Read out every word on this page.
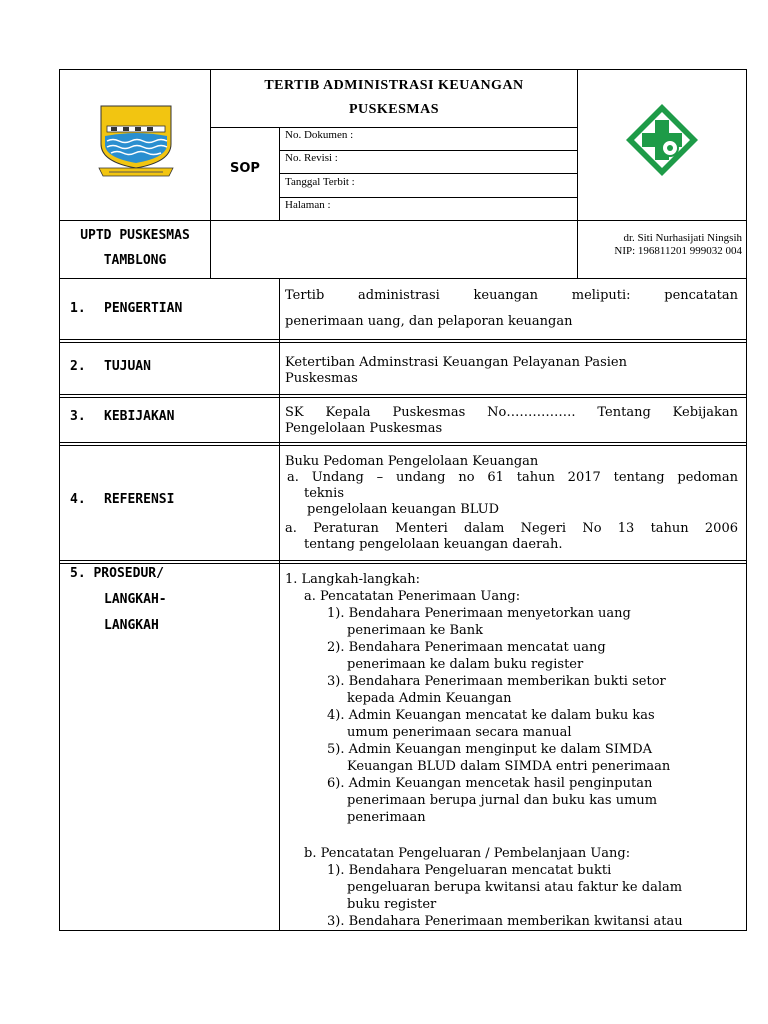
TERTIB ADMINISTRASI KEUANGAN
PUSKESMAS
SOP
No. Dokumen :
No. Revisi :
Tanggal Terbit :
Halaman :
UPTD PUSKESMAS
TAMBLONG
dr. Siti Nurhasijati Ningsih
NIP: 196811201 999032 004
1. PENGERTIAN
Tertib administrasi keuangan meliputi: pencatatan
penerimaan uang, dan pelaporan keuangan
2. TUJUAN	Ketertiban Adminstrasi Keuangan Pelayanan Pasien
Puskesmas
3. KEBIJAKAN	SK Kepala Puskesmas No……………. Tentang Kebijakan
Pengelolaan Puskesmas
4. REFERENSI
Buku Pedoman Pengelolaan Keuangan
a. Undang – undang no 61 tahun 2017 tentang pedoman
teknis
pengelolaan keuangan BLUD
a. Peraturan Menteri dalam Negeri No 13 tahun 2006
tentang pengelolaan keuangan daerah.
5. PROSEDUR/
LANGKAH-
LANGKAH
1. Langkah-langkah:
a. Pencatatan Penerimaan Uang:
1). Bendahara Penerimaan menyetorkan uang
penerimaan ke Bank
2). Bendahara Penerimaan mencatat uang
penerimaan ke dalam buku register
3). Bendahara Penerimaan memberikan bukti setor
kepada Admin Keuangan
4). Admin Keuangan mencatat ke dalam buku kas
umum penerimaan secara manual
5). Admin Keuangan menginput ke dalam SIMDA
Keuangan BLUD dalam SIMDA entri penerimaan
6). Admin Keuangan mencetak hasil penginputan
penerimaan berupa jurnal dan buku kas umum
penerimaan
b. Pencatatan Pengeluaran / Pembelanjaan Uang:
1). Bendahara Pengeluaran mencatat bukti
pengeluaran berupa kwitansi atau faktur ke dalam
buku register
3). Bendahara Penerimaan memberikan kwitansi atau
